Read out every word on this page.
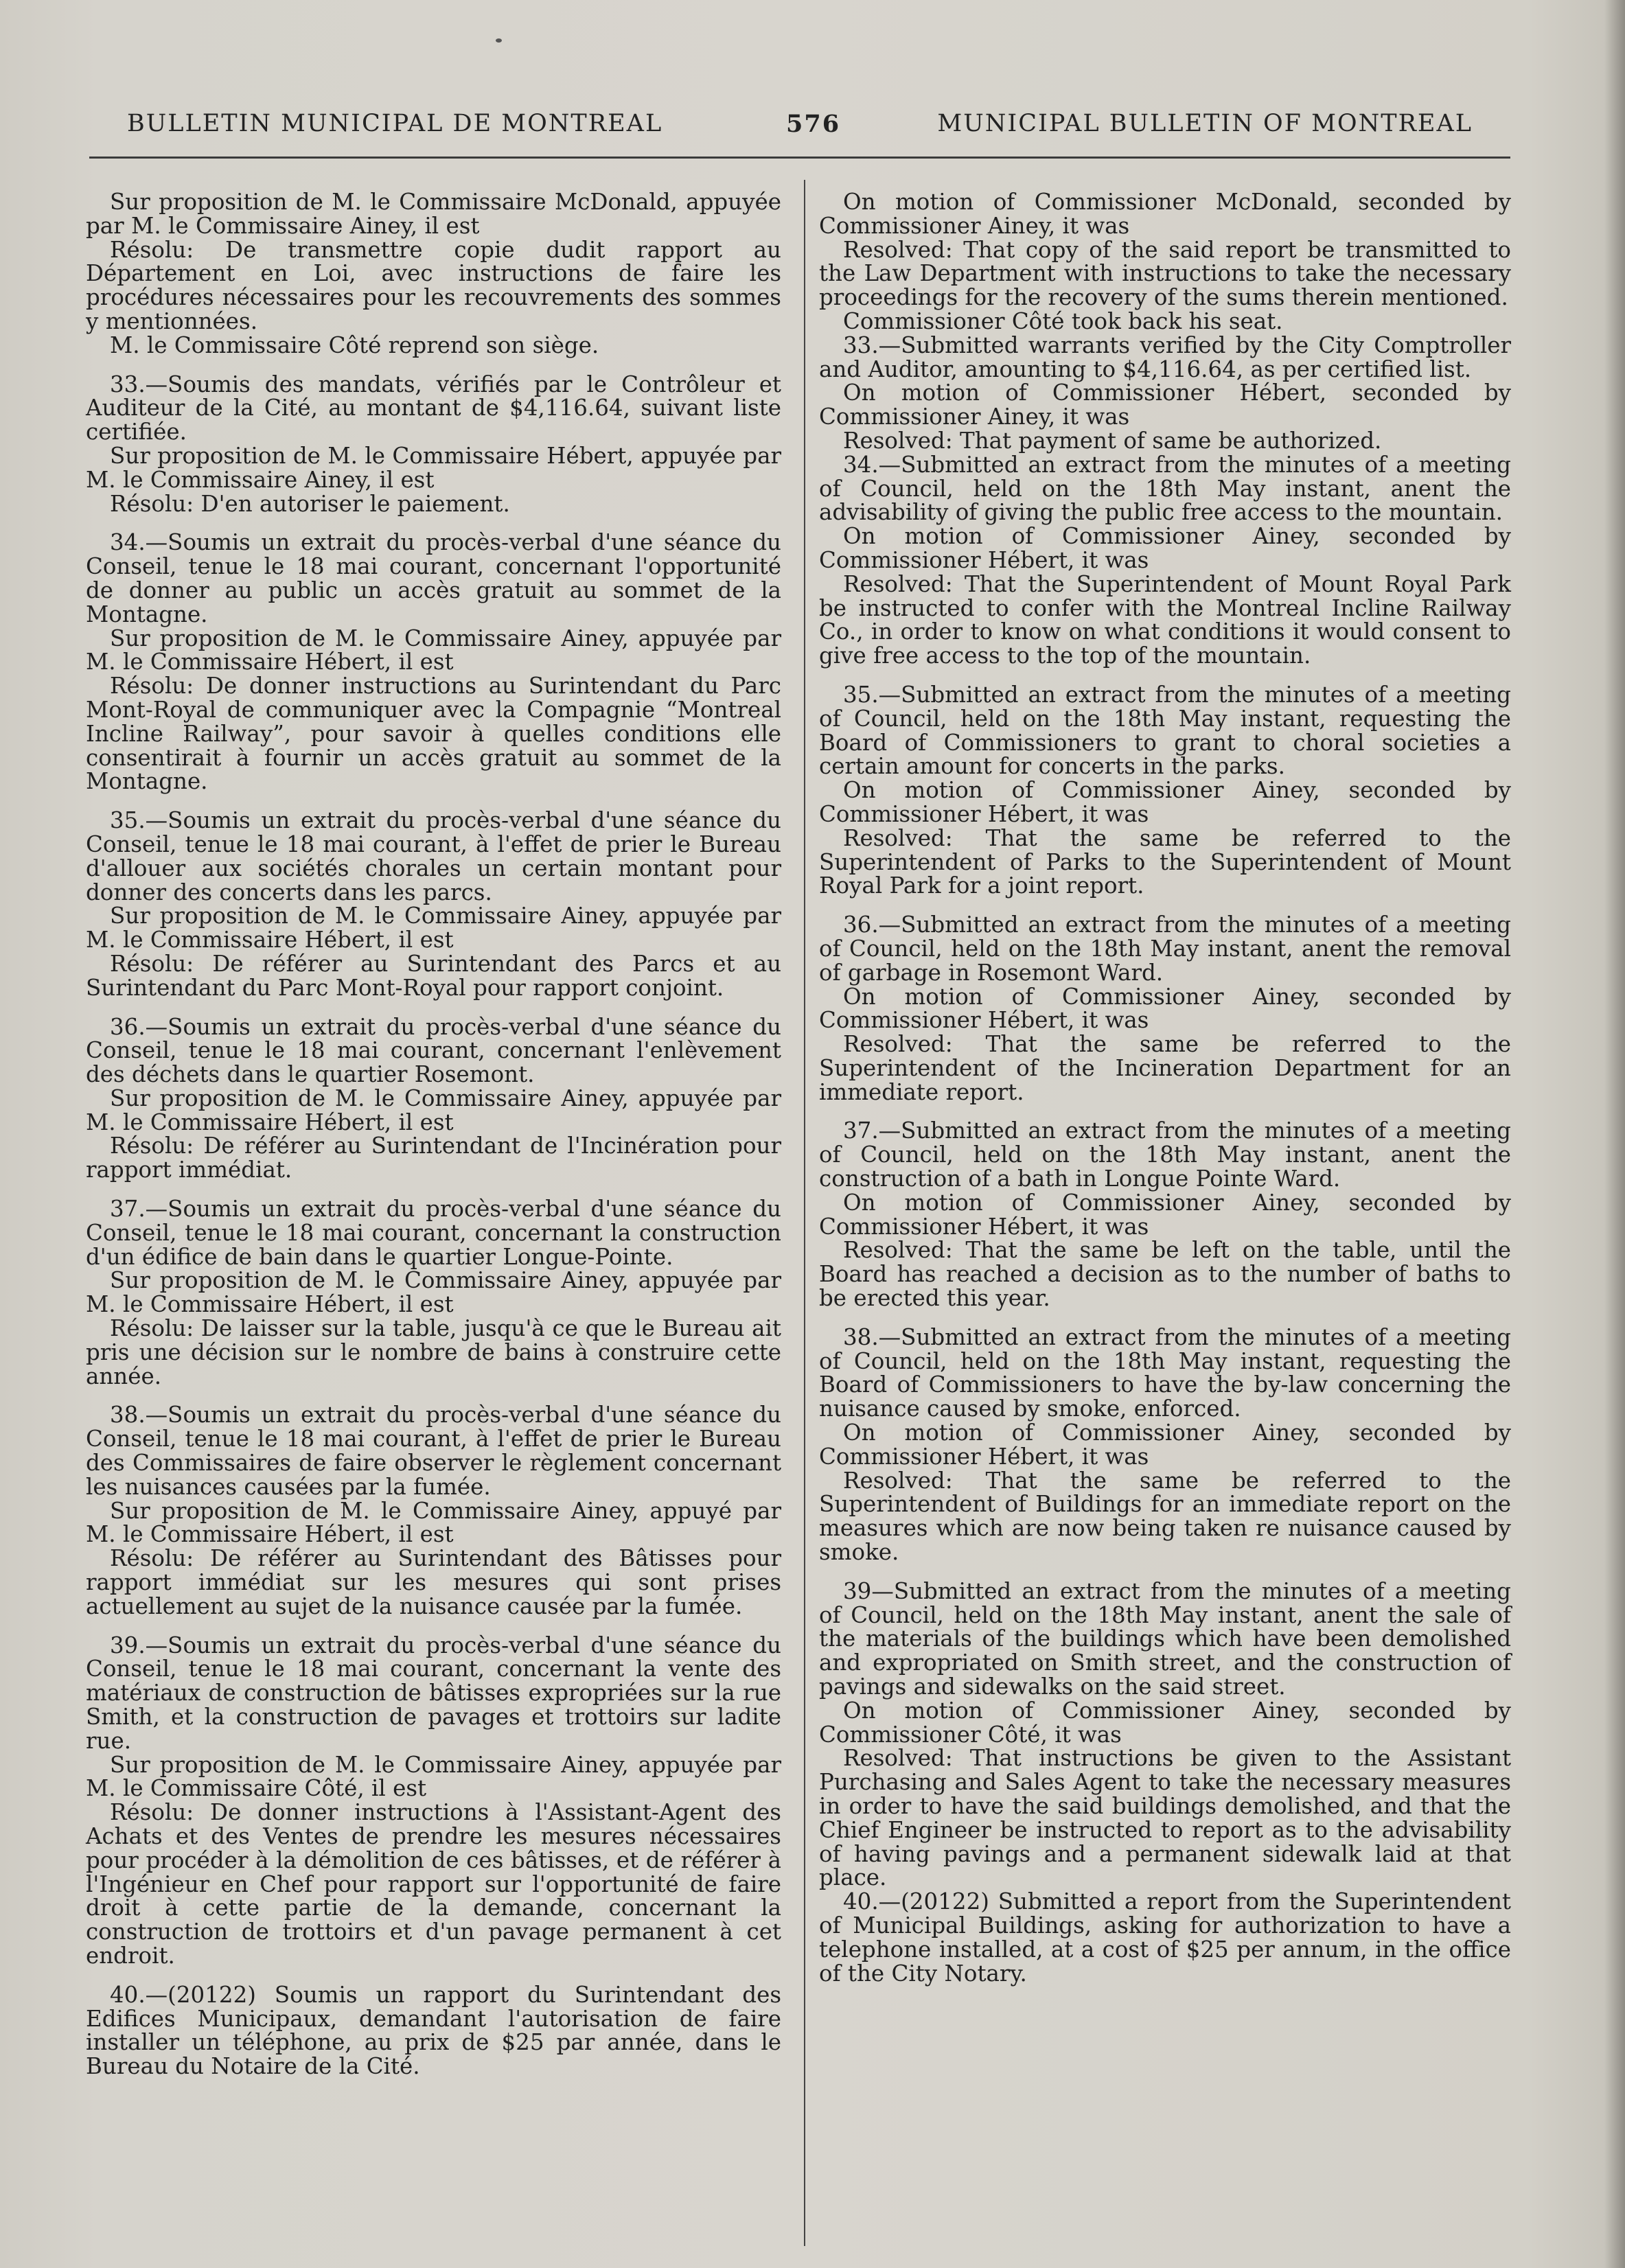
BULLETIN MUNICIPAL DE MONTREAL	576	MUNICIPAL BULLETIN OF MONTREAL

Sur proposition de M. le Commissaire McDonald, appuyée par M. le Commissaire Ainey, il est

Résolu: De transmettre copie dudit rapport au Département en Loi, avec instructions de faire les procédures nécessaires pour les recouvrements des sommes y mentionnées.

M. le Commissaire Côté reprend son siège.

33.—Soumis des mandats, vérifiés par le Contrôleur et Auditeur de la Cité, au montant de $4,116.64, suivant liste certifiée.

Sur proposition de M. le Commissaire Hébert, appuyée par M. le Commissaire Ainey, il est

Résolu: D'en autoriser le paiement.

34.—Soumis un extrait du procès-verbal d'une séance du Conseil, tenue le 18 mai courant, concernant l'opportunité de donner au public un accès gratuit au sommet de la Montagne.

Sur proposition de M. le Commissaire Ainey, appuyée par M. le Commissaire Hébert, il est

Résolu: De donner instructions au Surintendant du Parc Mont-Royal de communiquer avec la Compagnie “Montreal Incline Railway”, pour savoir à quelles conditions elle consentirait à fournir un accès gratuit au sommet de la Montagne.

35.—Soumis un extrait du procès-verbal d'une séance du Conseil, tenue le 18 mai courant, à l'effet de prier le Bureau d'allouer aux sociétés chorales un certain montant pour donner des concerts dans les parcs.

Sur proposition de M. le Commissaire Ainey, appuyée par M. le Commissaire Hébert, il est

Résolu: De référer au Surintendant des Parcs et au Surintendant du Parc Mont-Royal pour rapport conjoint.

36.—Soumis un extrait du procès-verbal d'une séance du Conseil, tenue le 18 mai courant, concernant l'enlèvement des déchets dans le quartier Rosemont.

Sur proposition de M. le Commissaire Ainey, appuyée par M. le Commissaire Hébert, il est

Résolu: De référer au Surintendant de l'Incinération pour rapport immédiat.

37.—Soumis un extrait du procès-verbal d'une séance du Conseil, tenue le 18 mai courant, concernant la construction d'un édifice de bain dans le quartier Longue-Pointe.

Sur proposition de M. le Commissaire Ainey, appuyée par M. le Commissaire Hébert, il est

Résolu: De laisser sur la table, jusqu'à ce que le Bureau ait pris une décision sur le nombre de bains à construire cette année.

38.—Soumis un extrait du procès-verbal d'une séance du Conseil, tenue le 18 mai courant, à l'effet de prier le Bureau des Commissaires de faire observer le règlement concernant les nuisances causées par la fumée.

Sur proposition de M. le Commissaire Ainey, appuyé par M. le Commissaire Hébert, il est

Résolu: De référer au Surintendant des Bâtisses pour rapport immédiat sur les mesures qui sont prises actuellement au sujet de la nuisance causée par la fumée.

39.—Soumis un extrait du procès-verbal d'une séance du Conseil, tenue le 18 mai courant, concernant la vente des matériaux de construction de bâtisses expropriées sur la rue Smith, et la construction de pavages et trottoirs sur ladite rue.

Sur proposition de M. le Commissaire Ainey, appuyée par M. le Commissaire Côté, il est

Résolu: De donner instructions à l'Assistant-Agent des Achats et des Ventes de prendre les mesures nécessaires pour procéder à la démolition de ces bâtisses, et de référer à l'Ingénieur en Chef pour rapport sur l'opportunité de faire droit à cette partie de la demande, concernant la construction de trottoirs et d'un pavage permanent à cet endroit.

40.—(20122) Soumis un rapport du Surintendant des Edifices Municipaux, demandant l'autorisation de faire installer un téléphone, au prix de $25 par année, dans le Bureau du Notaire de la Cité.

On motion of Commissioner McDonald, seconded by Commissioner Ainey, it was

Resolved: That copy of the said report be transmitted to the Law Department with instructions to take the necessary proceedings for the recovery of the sums therein mentioned.

Commissioner Côté took back his seat.

33.—Submitted warrants verified by the City Comptroller and Auditor, amounting to $4,116.64, as per certified list.

On motion of Commissioner Hébert, seconded by Commissioner Ainey, it was

Resolved: That payment of same be authorized.

34.—Submitted an extract from the minutes of a meeting of Council, held on the 18th May instant, anent the advisability of giving the public free access to the mountain.

On motion of Commissioner Ainey, seconded by Commissioner Hébert, it was

Resolved: That the Superintendent of Mount Royal Park be instructed to confer with the Montreal Incline Railway Co., in order to know on what conditions it would consent to give free access to the top of the mountain.

35.—Submitted an extract from the minutes of a meeting of Council, held on the 18th May instant, requesting the Board of Commissioners to grant to choral societies a certain amount for concerts in the parks.

On motion of Commissioner Ainey, seconded by Commissioner Hébert, it was

Resolved: That the same be referred to the Superintendent of Parks to the Superintendent of Mount Royal Park for a joint report.

36.—Submitted an extract from the minutes of a meeting of Council, held on the 18th May instant, anent the removal of garbage in Rosemont Ward.

On motion of Commissioner Ainey, seconded by Commissioner Hébert, it was

Resolved: That the same be referred to the Superintendent of the Incineration Department for an immediate report.

37.—Submitted an extract from the minutes of a meeting of Council, held on the 18th May instant, anent the construction of a bath in Longue Pointe Ward.

On motion of Commissioner Ainey, seconded by Commissioner Hébert, it was

Resolved: That the same be left on the table, until the Board has reached a decision as to the number of baths to be erected this year.

38.—Submitted an extract from the minutes of a meeting of Council, held on the 18th May instant, requesting the Board of Commissioners to have the by-law concerning the nuisance caused by smoke, enforced.

On motion of Commissioner Ainey, seconded by Commissioner Hébert, it was

Resolved: That the same be referred to the Superintendent of Buildings for an immediate report on the measures which are now being taken re nuisance caused by smoke.

39—Submitted an extract from the minutes of a meeting of Council, held on the 18th May instant, anent the sale of the materials of the buildings which have been demolished and expropriated on Smith street, and the construction of pavings and sidewalks on the said street.

On motion of Commissioner Ainey, seconded by Commissioner Côté, it was

Resolved: That instructions be given to the Assistant Purchasing and Sales Agent to take the necessary measures in order to have the said buildings demolished, and that the Chief Engineer be instructed to report as to the advisability of having pavings and a permanent sidewalk laid at that place.

40.—(20122) Submitted a report from the Superintendent of Municipal Buildings, asking for authorization to have a telephone installed, at a cost of $25 per annum, in the office of the City Notary.
